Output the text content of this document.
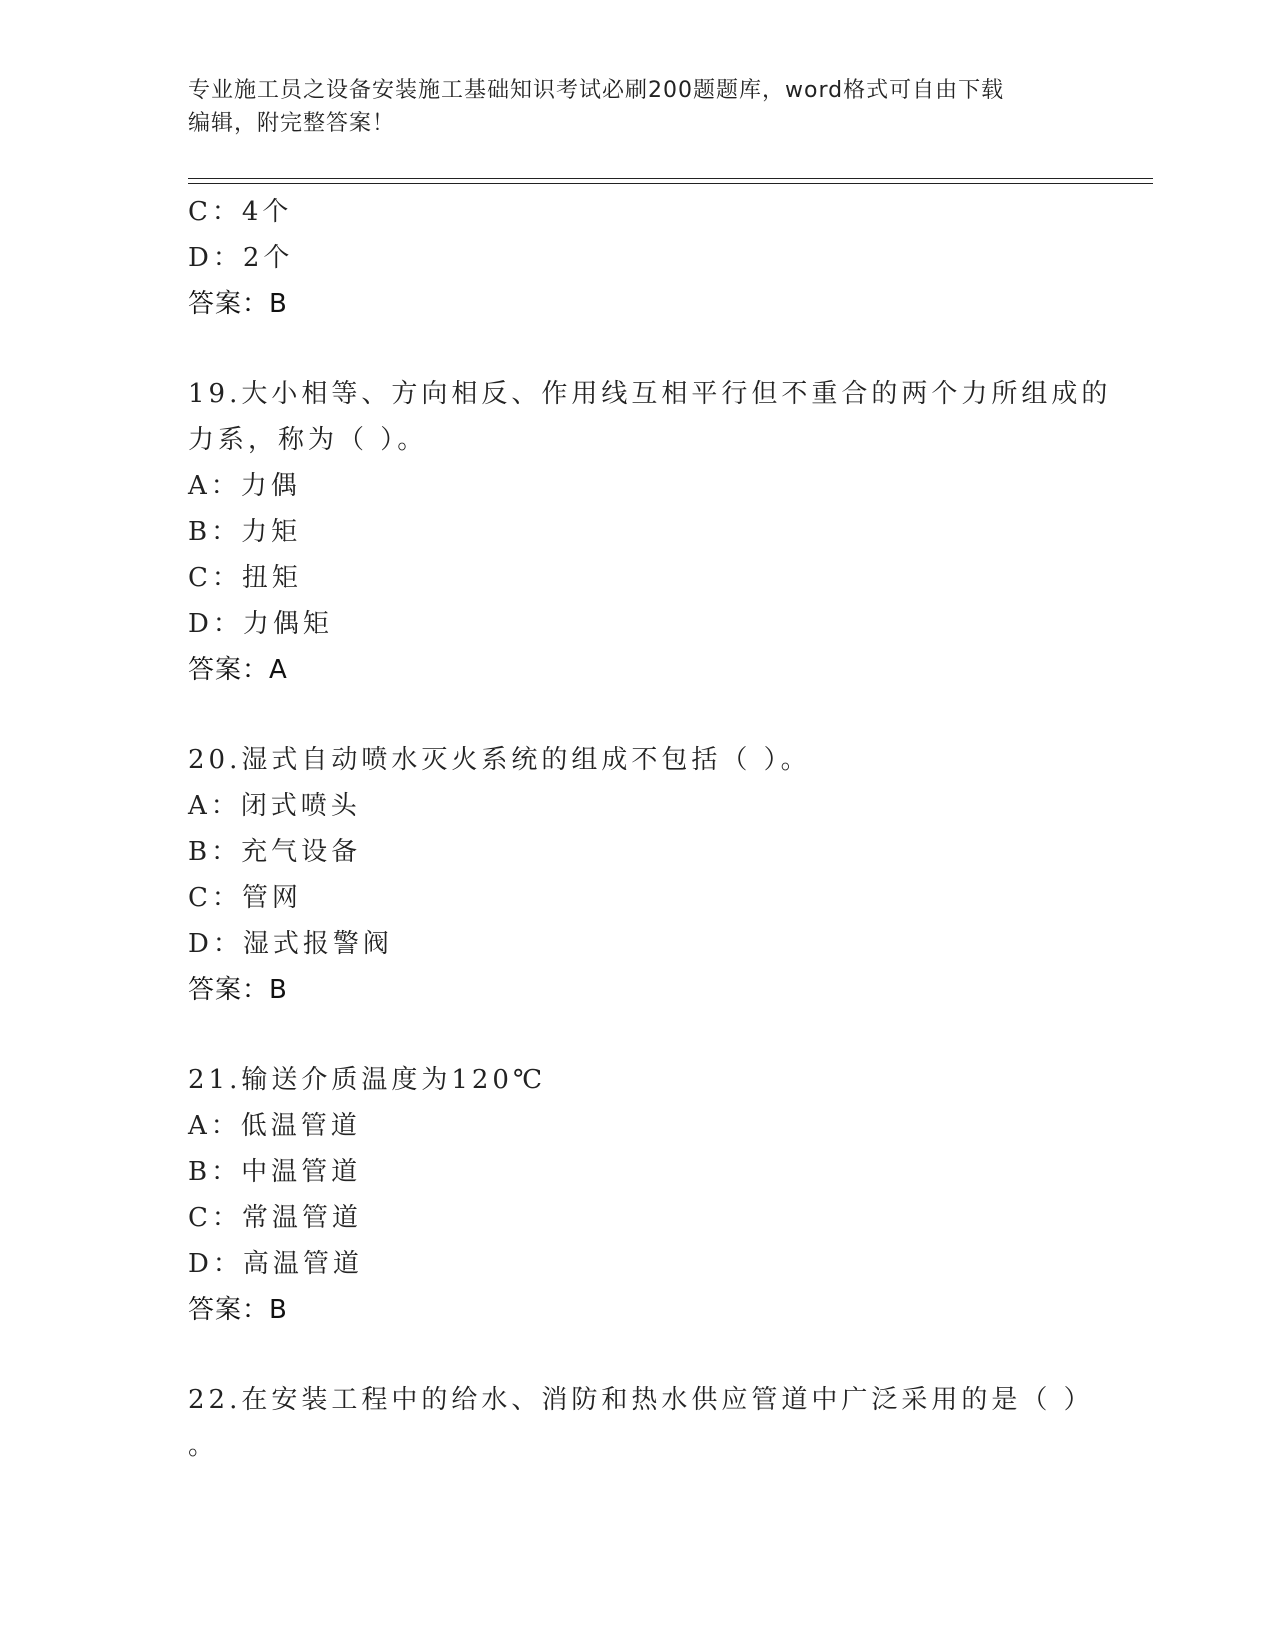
专业施工员之设备安装施工基础知识考试必刷200题题库，word格式可自由下载
编辑，附完整答案！
C：4个
D：2个
答案：B
19.大小相等、方向相反、作用线互相平行但不重合的两个力所组成的
力系，称为（ ）。
A：力偶
B：力矩
C：扭矩
D：力偶矩
答案：A
20.湿式自动喷水灭火系统的组成不包括（ ）。
A：闭式喷头
B：充气设备
C：管网
D：湿式报警阀
答案：B
21.输送介质温度为120℃
A：低温管道
B：中温管道
C：常温管道
D：高温管道
答案：B
22.在安装工程中的给水、消防和热水供应管道中广泛采用的是（ ）
。
